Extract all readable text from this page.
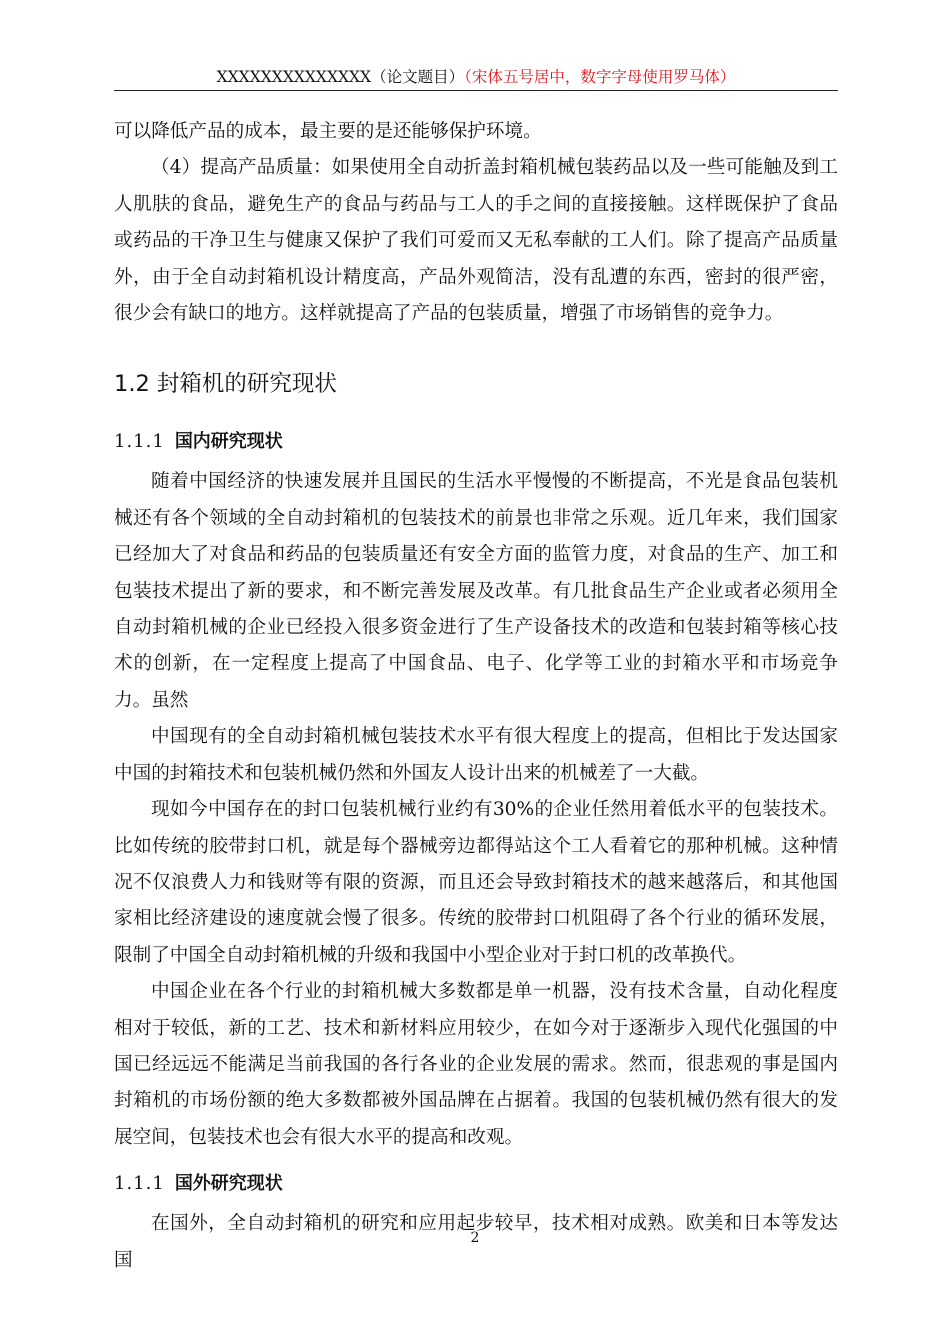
XXXXXXXXXXXXXX（论文题目）（宋体五号居中，数字字母使用罗马体）

可以降低产品的成本，最主要的是还能够保护环境。

（4）提高产品质量：如果使用全自动折盖封箱机械包装药品以及一些可能触及到工人肌肤的食品，避免生产的食品与药品与工人的手之间的直接接触。这样既保护了食品或药品的干净卫生与健康又保护了我们可爱而又无私奉献的工人们。除了提高产品质量外，由于全自动封箱机设计精度高，产品外观简洁，没有乱遭的东西，密封的很严密，很少会有缺口的地方。这样就提高了产品的包装质量，增强了市场销售的竞争力。

1.2 封箱机的研究现状
1.1.1 国内研究现状

随着中国经济的快速发展并且国民的生活水平慢慢的不断提高，不光是食品包装机械还有各个领域的全自动封箱机的包装技术的前景也非常之乐观。近几年来，我们国家已经加大了对食品和药品的包装质量还有安全方面的监管力度，对食品的生产、加工和包装技术提出了新的要求，和不断完善发展及改革。有几批食品生产企业或者必须用全自动封箱机械的企业已经投入很多资金进行了生产设备技术的改造和包装封箱等核心技术的创新，在一定程度上提高了中国食品、电子、化学等工业的封箱水平和市场竞争力。虽然

中国现有的全自动封箱机械包装技术水平有很大程度上的提高，但相比于发达国家中国的封箱技术和包装机械仍然和外国友人设计出来的机械差了一大截。

现如今中国存在的封口包装机械行业约有30%的企业任然用着低水平的包装技术。比如传统的胶带封口机，就是每个器械旁边都得站这个工人看着它的那种机械。这种情况不仅浪费人力和钱财等有限的资源，而且还会导致封箱技术的越来越落后，和其他国家相比经济建设的速度就会慢了很多。传统的胶带封口机阻碍了各个行业的循环发展，限制了中国全自动封箱机械的升级和我国中小型企业对于封口机的改革换代。

中国企业在各个行业的封箱机械大多数都是单一机器，没有技术含量，自动化程度相对于较低，新的工艺、技术和新材料应用较少，在如今对于逐渐步入现代化强国的中国已经远远不能满足当前我国的各行各业的企业发展的需求。然而，很悲观的事是国内封箱机的市场份额的绝大多数都被外国品牌在占据着。我国的包装机械仍然有很大的发展空间，包装技术也会有很大水平的提高和改观。

1.1.1 国外研究现状

在国外，全自动封箱机的研究和应用起步较早，技术相对成熟。欧美和日本等发达国

2
